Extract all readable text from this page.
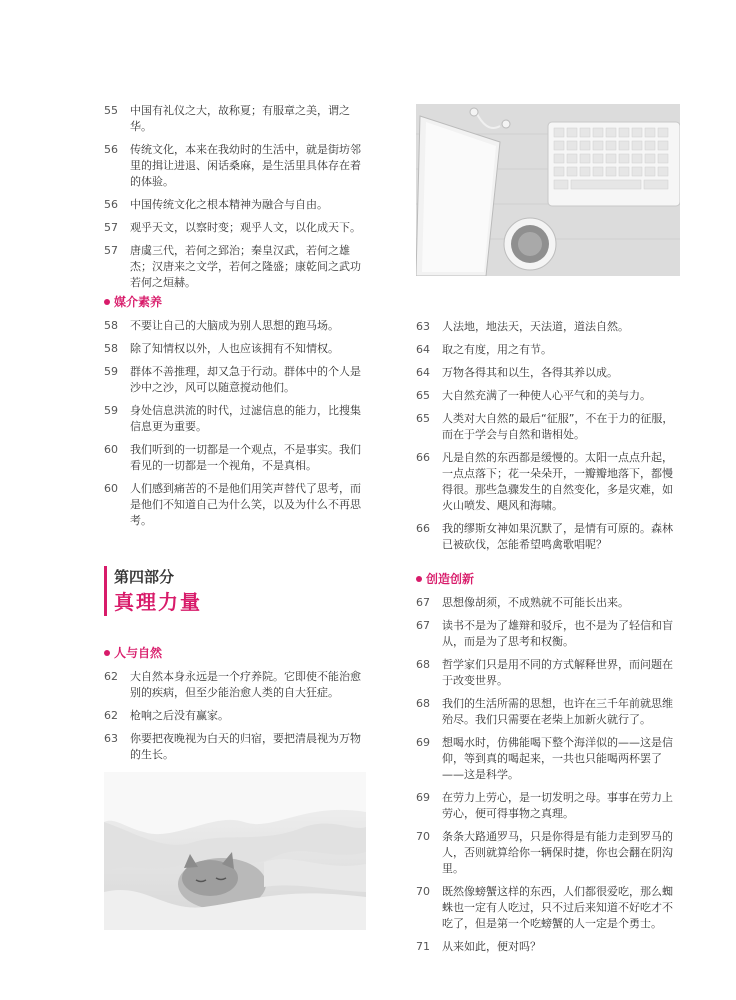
55	中国有礼仪之大，故称夏；有服章之美，谓之华。
56	传统文化，本来在我幼时的生活中，就是街坊邻里的揖让进退、闲话桑麻，是生活里具体存在着的体验。
56	中国传统文化之根本精神为融合与自由。
57	观乎天文，以察时变；观乎人文，以化成天下。
57	唐虞三代，若何之郅治；秦皇汉武，若何之雄杰；汉唐来之文学，若何之隆盛；康乾间之武功若何之烜赫。
媒介素养
58	不要让自己的大脑成为别人思想的跑马场。
58	除了知情权以外，人也应该拥有不知情权。
59	群体不善推理，却又急于行动。群体中的个人是沙中之沙，风可以随意搅动他们。
59	身处信息洪流的时代，过滤信息的能力，比搜集信息更为重要。
60	我们听到的一切都是一个观点，不是事实。我们看见的一切都是一个视角，不是真相。
60	人们感到痛苦的不是他们用笑声替代了思考，而是他们不知道自己为什么笑，以及为什么不再思考。
第四部分
真理力量
人与自然
62	大自然本身永远是一个疗养院。它即使不能治愈别的疾病，但至少能治愈人类的自大狂症。
62	枪响之后没有赢家。
63	你要把夜晚视为白天的归宿，要把清晨视为万物的生长。
63	人法地，地法天，天法道，道法自然。
64	取之有度，用之有节。
64	万物各得其和以生，各得其养以成。
65	大自然充满了一种使人心平气和的美与力。
65	人类对大自然的最后“征服”，不在于力的征服，而在于学会与自然和谐相处。
66	凡是自然的东西都是缓慢的。太阳一点点升起，一点点落下；花一朵朵开，一瓣瓣地落下，都慢得很。那些急骤发生的自然变化，多是灾难，如火山喷发、飓风和海啸。
66	我的缪斯女神如果沉默了，是情有可原的。森林已被砍伐，怎能希望鸣禽歌唱呢？
创造创新
67	思想像胡须，不成熟就不可能长出来。
67	读书不是为了雄辩和驳斥，也不是为了轻信和盲从，而是为了思考和权衡。
68	哲学家们只是用不同的方式解释世界，而问题在于改变世界。
68	我们的生活所需的思想，也许在三千年前就思维殆尽。我们只需要在老柴上加新火就行了。
69	想喝水时，仿佛能喝下整个海洋似的——这是信仰，等到真的喝起来，一共也只能喝两杯罢了——这是科学。
69	在劳力上劳心，是一切发明之母。事事在劳力上劳心，便可得事物之真理。
70	条条大路通罗马，只是你得是有能力走到罗马的人，否则就算给你一辆保时捷，你也会翻在阴沟里。
70	既然像螃蟹这样的东西，人们都很爱吃，那么蜘蛛也一定有人吃过，只不过后来知道不好吃才不吃了，但是第一个吃螃蟹的人一定是个勇士。
71	从来如此，便对吗？
